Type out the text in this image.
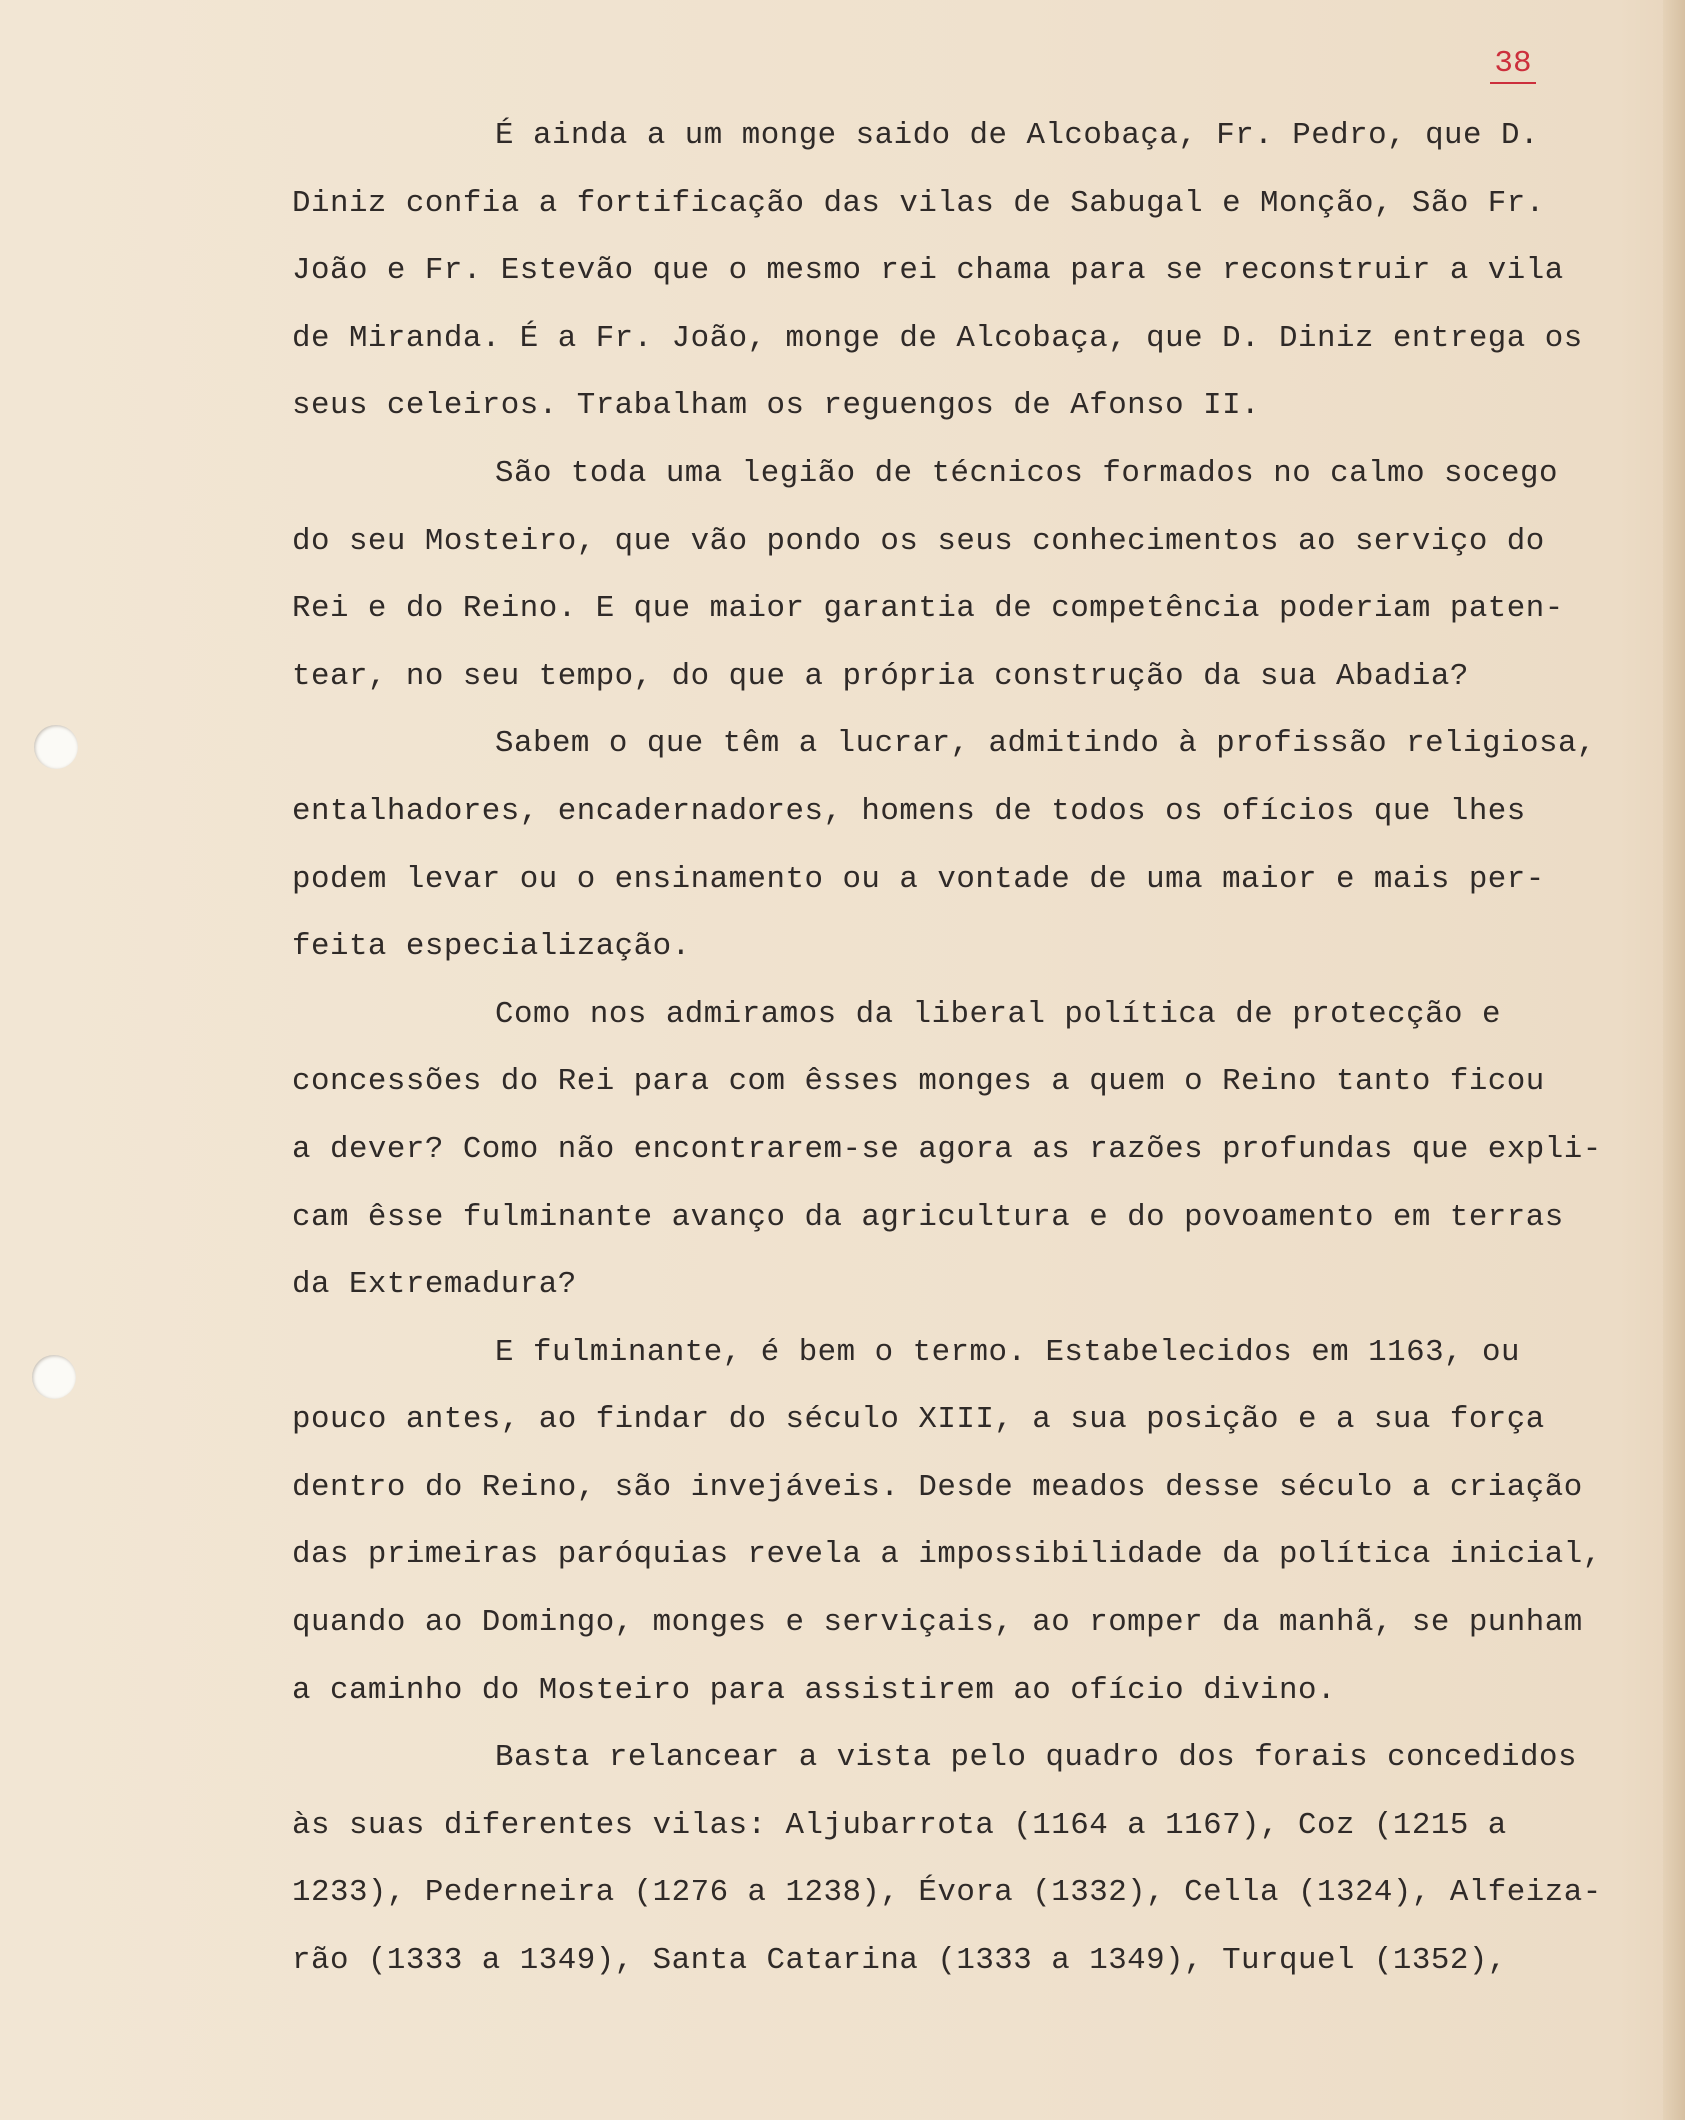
38
É ainda a um monge saido de Alcobaça, Fr. Pedro, que D.
Diniz confia a fortificação das vilas de Sabugal e Monção, São Fr.
João e Fr. Estevão que o mesmo rei chama para se reconstruir a vila
de Miranda. É a Fr. João, monge de Alcobaça, que D. Diniz entrega os
seus celeiros. Trabalham os reguengos de Afonso II.
São toda uma legião de técnicos formados no calmo socego
do seu Mosteiro, que vão pondo os seus conhecimentos ao serviço do
Rei e do Reino. E que maior garantia de competência poderiam paten-
tear, no seu tempo, do que a própria construção da sua Abadia?
Sabem o que têm a lucrar, admitindo à profissão religiosa,
entalhadores, encadernadores, homens de todos os ofícios que lhes
podem levar ou o ensinamento ou a vontade de uma maior e mais per-
feita especialização.
Como nos admiramos da liberal política de protecção e
concessões do Rei para com êsses monges a quem o Reino tanto ficou
a dever? Como não encontrarem-se agora as razões profundas que expli-
cam êsse fulminante avanço da agricultura e do povoamento em terras
da Extremadura?
E fulminante, é bem o termo. Estabelecidos em 1163, ou
pouco antes, ao findar do século XIII, a sua posição e a sua força
dentro do Reino, são invejáveis. Desde meados desse século a criação
das primeiras paróquias revela a impossibilidade da política inicial,
quando ao Domingo, monges e serviçais, ao romper da manhã, se punham
a caminho do Mosteiro para assistirem ao ofício divino.
Basta relancear a vista pelo quadro dos forais concedidos
às suas diferentes vilas: Aljubarrota (1164 a 1167), Coz (1215 a
1233), Pederneira (1276 a 1238), Évora (1332), Cella (1324), Alfeiza-
rão (1333 a 1349), Santa Catarina (1333 a 1349), Turquel (1352),
